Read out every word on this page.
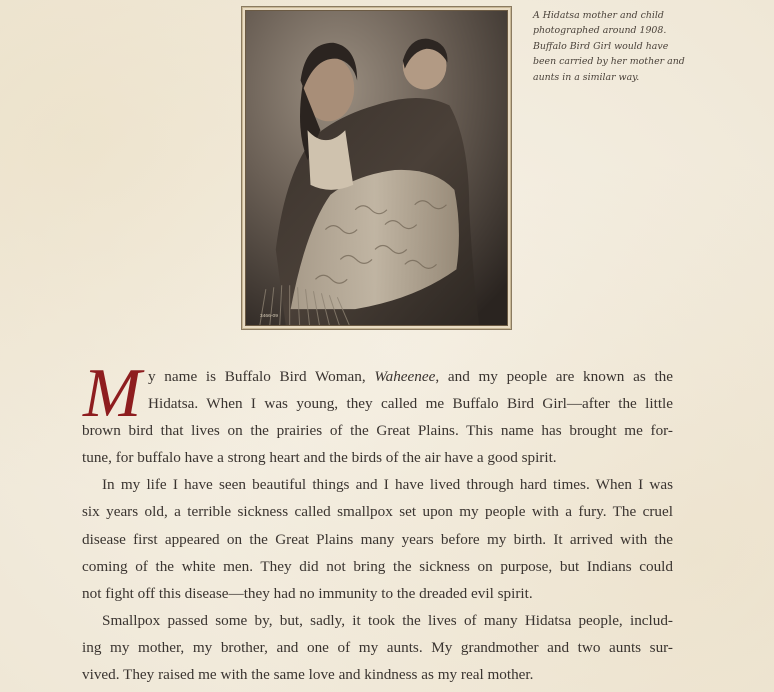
3466-09
A Hidatsa mother and child
photographed around 1908.
Buffalo Bird Girl would have
been carried by her mother and
aunts in a similar way.
M y name is Buffalo Bird Woman, Waheenee, and my people are known as the
Hidatsa. When I was young, they called me Buffalo Bird Girl—after the little
brown bird that lives on the prairies of the Great Plains. This name has brought me for-
tune, for buffalo have a strong heart and the birds of the air have a good spirit.
In my life I have seen beautiful things and I have lived through hard times. When I was
six years old, a terrible sickness called smallpox set upon my people with a fury. The cruel
disease first appeared on the Great Plains many years before my birth. It arrived with the
coming of the white men. They did not bring the sickness on purpose, but Indians could
not fight off this disease—they had no immunity to the dreaded evil spirit.
Smallpox passed some by, but, sadly, it took the lives of many Hidatsa people, includ-
ing my mother, my brother, and one of my aunts. My grandmother and two aunts sur-
vived. They raised me with the same love and kindness as my real mother.
